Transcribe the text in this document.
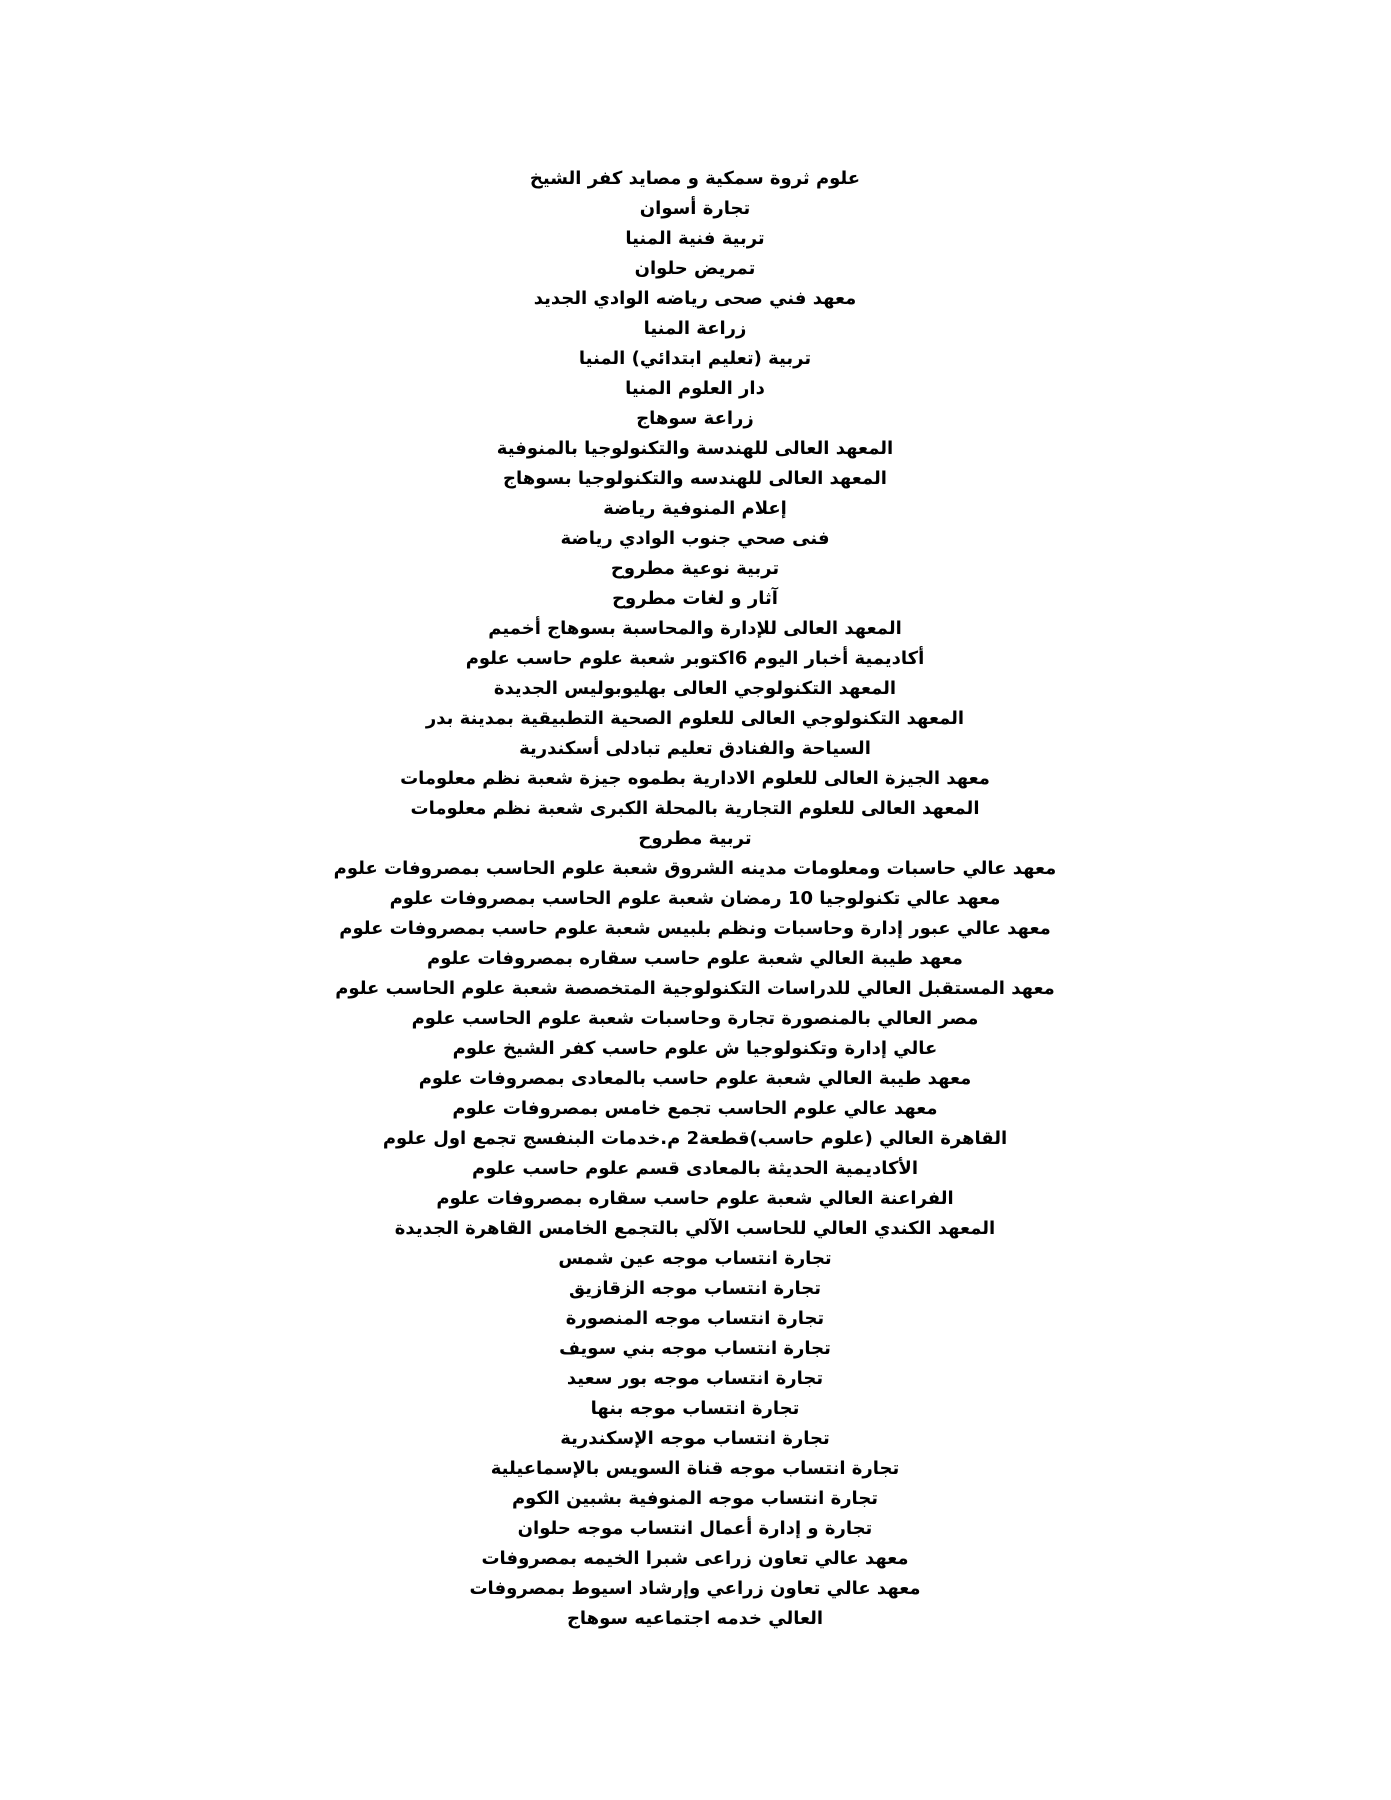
علوم ثروة سمكية و مصايد كفر الشيخ
تجارة أسوان
تربية فنية المنيا
تمريض حلوان
معهد فني صحى رياضه الوادي الجديد
زراعة المنيا
تربية (تعليم ابتدائي) المنيا
دار العلوم المنيا
زراعة سوهاج
المعهد العالى للهندسة والتكنولوجيا بالمنوفية
المعهد العالى للهندسه والتكنولوجيا بسوهاج
إعلام المنوفية رياضة
فنى صحي جنوب الوادي رياضة
تربية نوعية مطروح
آثار و لغات مطروح
المعهد العالى للإدارة والمحاسبة بسوهاج أخميم
أكاديمية أخبار اليوم 6اكتوبر شعبة علوم حاسب علوم
المعهد التكنولوجي العالى بهليوبوليس الجديدة
المعهد التكنولوجي العالى للعلوم الصحية التطبيقية بمدينة بدر
السياحة والفنادق تعليم تبادلى أسكندرية
معهد الجيزة العالى للعلوم الادارية بطموه جيزة شعبة نظم معلومات
المعهد العالى للعلوم التجارية بالمحلة الكبرى شعبة نظم معلومات
تربية مطروح
معهد عالي حاسبات ومعلومات مدينه الشروق شعبة علوم الحاسب بمصروفات علوم
معهد عالي تكنولوجيا 10 رمضان شعبة علوم الحاسب بمصروفات علوم
معهد عالي عبور إدارة وحاسبات ونظم بلبيس شعبة علوم حاسب بمصروفات علوم
معهد طيبة العالي شعبة علوم حاسب سقاره بمصروفات علوم
معهد المستقبل العالي للدراسات التكنولوجية المتخصصة شعبة علوم الحاسب علوم
مصر العالي بالمنصورة تجارة وحاسبات شعبة علوم الحاسب علوم
عالي إدارة وتكنولوجيا ش علوم حاسب كفر الشيخ علوم
معهد طيبة العالي شعبة علوم حاسب بالمعادى بمصروفات علوم
معهد عالي علوم الحاسب تجمع خامس بمصروفات علوم
القاهرة العالي (علوم حاسب)قطعة2 م.خدمات البنفسج تجمع اول علوم
الأكاديمية الحديثة بالمعادى قسم علوم حاسب علوم
الفراعنة العالي شعبة علوم حاسب سقاره بمصروفات علوم
المعهد الكندي العالي للحاسب الآلي بالتجمع الخامس القاهرة الجديدة
تجارة انتساب موجه عين شمس
تجارة انتساب موجه الزقازيق
تجارة انتساب موجه المنصورة
تجارة انتساب موجه بني سويف
تجارة انتساب موجه بور سعيد
تجارة انتساب موجه بنها
تجارة انتساب موجه الإسكندرية
تجارة انتساب موجه قناة السويس بالإسماعيلية
تجارة انتساب موجه المنوفية بشبين الكوم
تجارة و إدارة أعمال انتساب موجه حلوان
معهد عالي تعاون زراعى شبرا الخيمه بمصروفات
معهد عالي تعاون زراعي وإرشاد اسيوط بمصروفات
العالي خدمه اجتماعيه سوهاج
